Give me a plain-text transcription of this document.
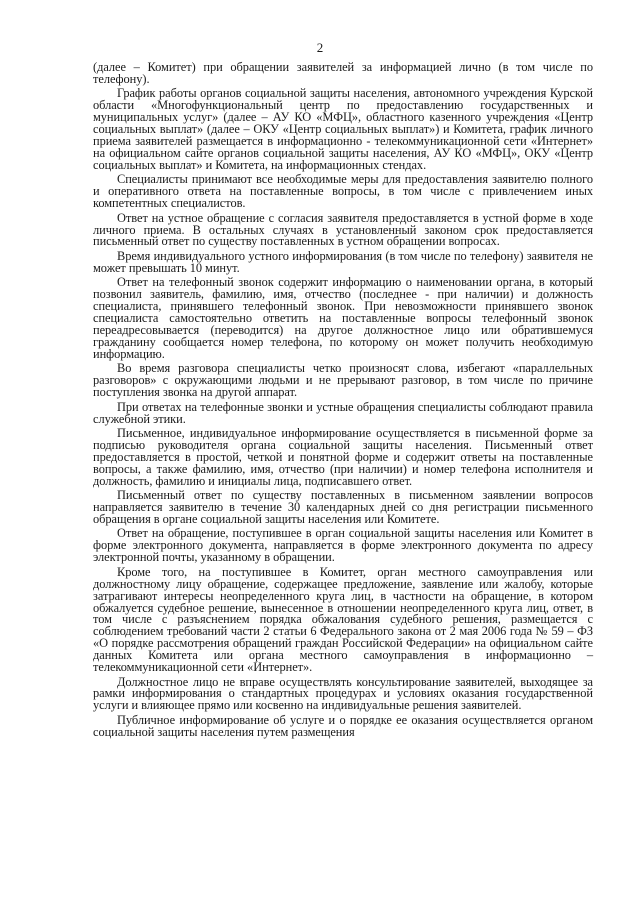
2

(далее – Комитет) при обращении заявителей за информацией лично (в том числе по телефону).

График работы органов социальной защиты населения, автономного учреждения Курской области «Многофункциональный центр по предоставлению государственных и муниципальных услуг» (далее – АУ КО «МФЦ», областного казенного учреждения «Центр социальных выплат» (далее – ОКУ «Центр социальных выплат») и Комитета, график личного приема заявителей размещается в информационно - телекоммуникационной сети «Интернет» на официальном сайте органов социальной защиты населения, АУ КО «МФЦ», ОКУ «Центр социальных выплат» и Комитета, на информационных стендах.

Специалисты принимают все необходимые меры для предоставления заявителю полного и оперативного ответа на поставленные вопросы, в том числе с привлечением иных компетентных специалистов.

Ответ на устное обращение с согласия заявителя предоставляется в устной форме в ходе личного приема. В остальных случаях в установленный законом срок предоставляется письменный ответ по существу поставленных в устном обращении вопросах.

Время индивидуального устного информирования (в том числе по телефону) заявителя не может превышать 10 минут.

Ответ на телефонный звонок содержит информацию о наименовании органа, в который позвонил заявитель, фамилию, имя, отчество (последнее - при наличии) и должность специалиста, принявшего телефонный звонок. При невозможности принявшего звонок специалиста самостоятельно ответить на поставленные вопросы телефонный звонок переадресовывается (переводится) на другое должностное лицо или обратившемуся гражданину сообщается номер телефона, по которому он может получить необходимую информацию.

Во время разговора специалисты четко произносят слова, избегают «параллельных разговоров» с окружающими людьми и не прерывают разговор, в том числе по причине поступления звонка на другой аппарат.

При ответах на телефонные звонки и устные обращения специалисты соблюдают правила служебной этики.

Письменное, индивидуальное информирование осуществляется в письменной форме за подписью руководителя органа социальной защиты населения. Письменный ответ предоставляется в простой, четкой и понятной форме и содержит ответы на поставленные вопросы, а также фамилию, имя, отчество (при наличии) и номер телефона исполнителя и должность, фамилию и инициалы лица, подписавшего ответ.

Письменный ответ по существу поставленных в письменном заявлении вопросов направляется заявителю в течение 30 календарных дней со дня регистрации письменного обращения в органе социальной защиты населения или Комитете.

Ответ на обращение, поступившее в орган социальной защиты населения или Комитет в форме электронного документа, направляется в форме электронного документа по адресу электронной почты, указанному в обращении.

Кроме того, на поступившее в Комитет, орган местного самоуправления или должностному лицу обращение, содержащее предложение, заявление или жалобу, которые затрагивают интересы неопределенного круга лиц, в частности на обращение, в котором обжалуется судебное решение, вынесенное в отношении неопределенного круга лиц, ответ, в том числе с разъяснением порядка обжалования судебного решения, размещается с соблюдением требований части 2 статьи 6 Федерального закона от 2 мая 2006 года № 59 – ФЗ «О порядке рассмотрения обращений граждан Российской Федерации» на официальном сайте данных Комитета или органа местного самоуправления в информационно – телекоммуникационной сети «Интернет».

Должностное лицо не вправе осуществлять консультирование заявителей, выходящее за рамки информирования о стандартных процедурах и условиях оказания государственной услуги и влияющее прямо или косвенно на индивидуальные решения заявителей.

Публичное информирование об услуге и о порядке ее оказания осуществляется органом социальной защиты населения путем размещения
